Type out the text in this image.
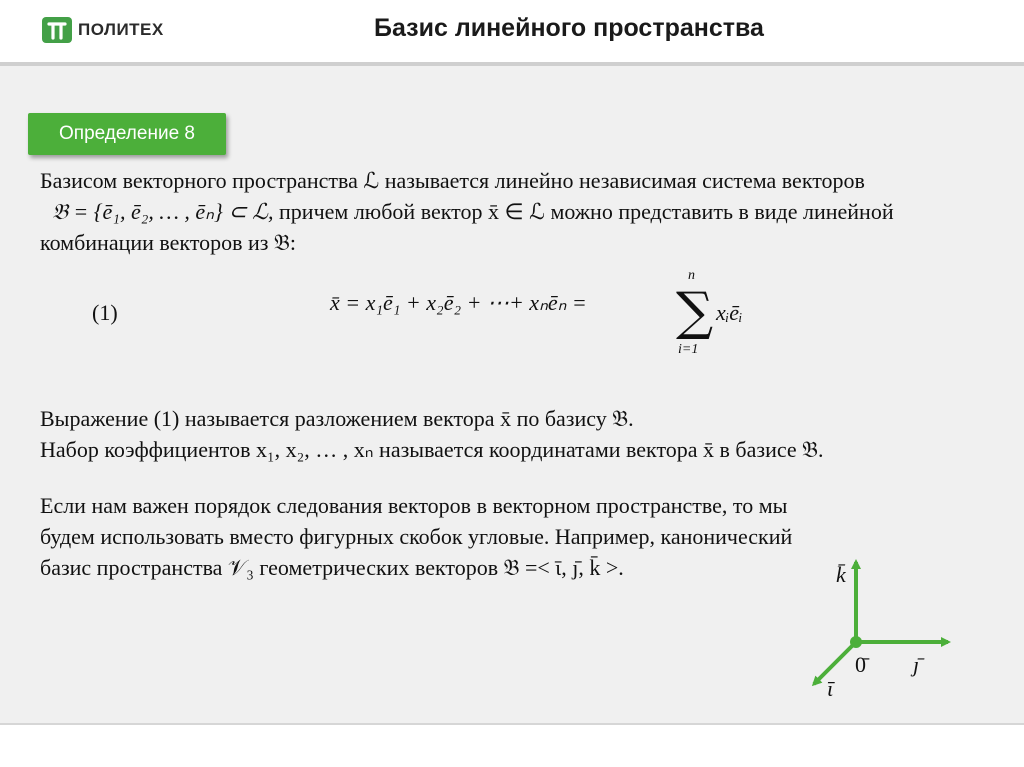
ПОЛИТЕХ	Базис линейного пространства
Определение 8
Базисом векторного пространства ℒ называется линейно независимая система векторов
𝔅 = {ē₁, ē₂, … , ēₙ} ⊂ ℒ, причем любой вектор x̄ ∈ ℒ можно представить в виде линейной
комбинации векторов из 𝔅:
(1)	x̄ = x₁ē₁ + x₂ē₂ + ⋯+ xₙēₙ =
n
∑
i=1
xᵢēᵢ
Выражение (1) называется разложением вектора x̄ по базису 𝔅.
Набор коэффициентов x₁, x₂, … , xₙ называется координатами вектора x̄ в базисе 𝔅.
Если нам важен порядок следования векторов в векторном пространстве, то мы
будем использовать вместо фигурных скобок угловые. Например, канонический
базис пространства 𝒱₃ геометрических векторов 𝔅 =< ῑ, ȷ̄, k̄ >.	k̄
ȷ̄
ῑ
0̄
